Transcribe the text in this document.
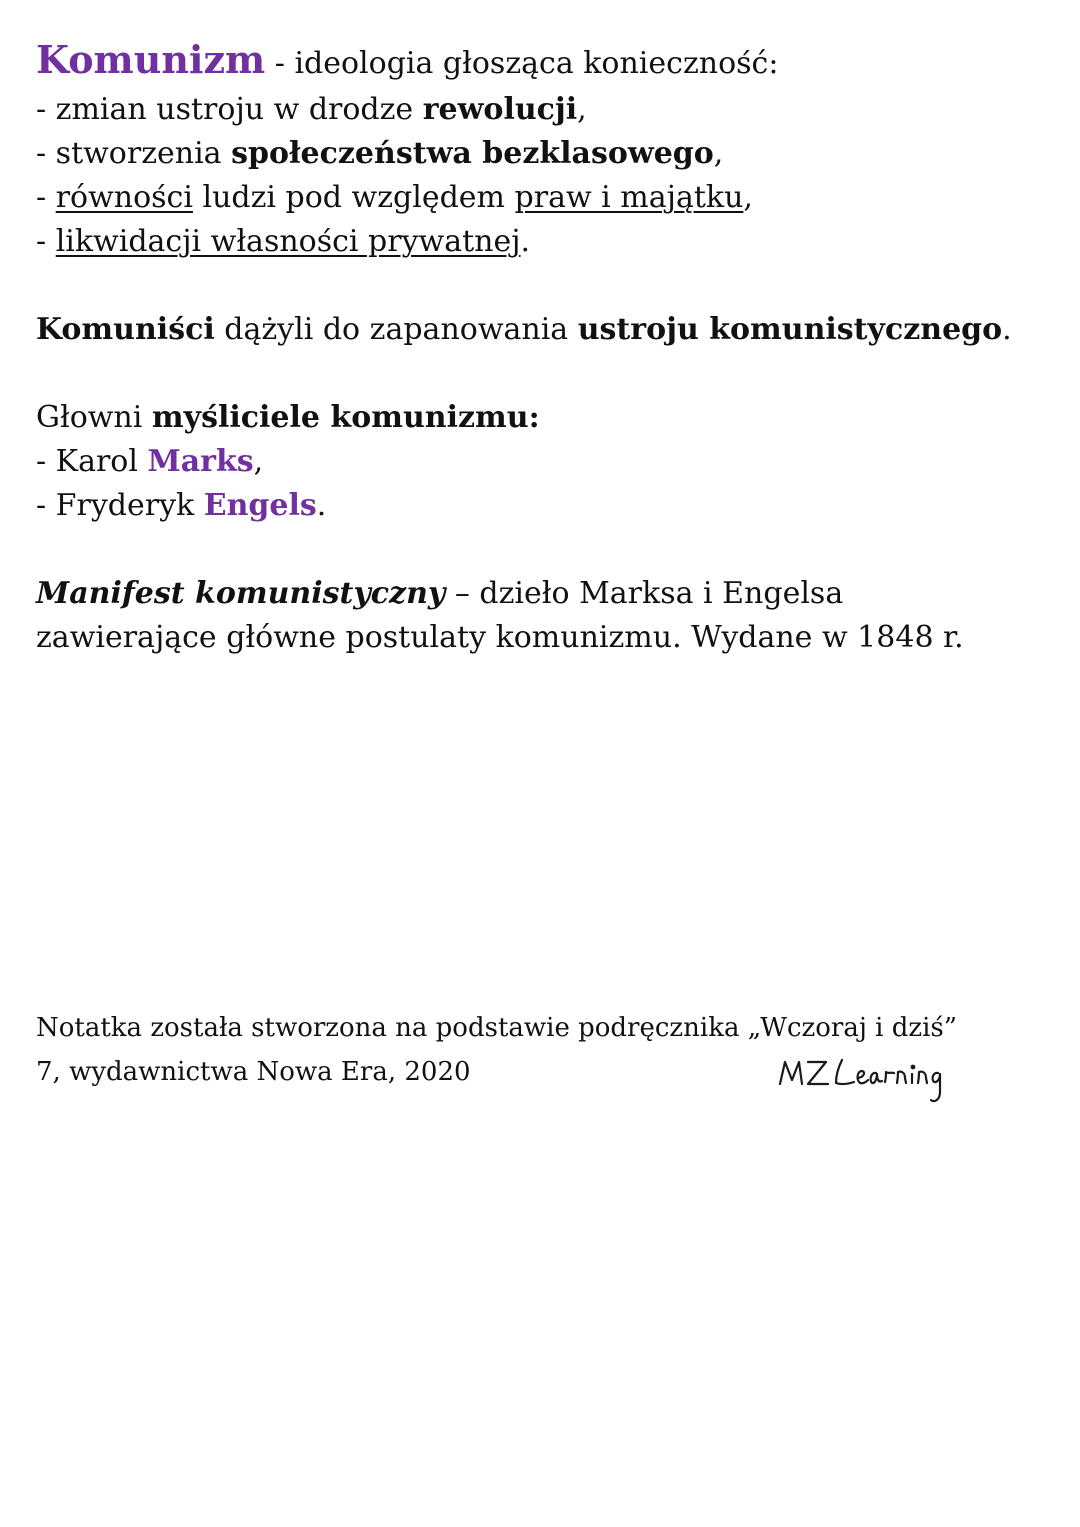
Komunizm - ideologia głosząca konieczność:
- zmian ustroju w drodze rewolucji,
- stworzenia społeczeństwa bezklasowego,
- równości ludzi pod względem praw i majątku,
- likwidacji własności prywatnej.
Komuniści dążyli do zapanowania ustroju komunistycznego.
Głowni myśliciele komunizmu:
- Karol Marks,
- Fryderyk Engels.
Manifest komunistyczny – dzieło Marksa i Engelsa
zawierające główne postulaty komunizmu. Wydane w 1848 r.
Notatka została stworzona na podstawie podręcznika „Wczoraj i dziś”
7, wydawnictwa Nowa Era, 2020
